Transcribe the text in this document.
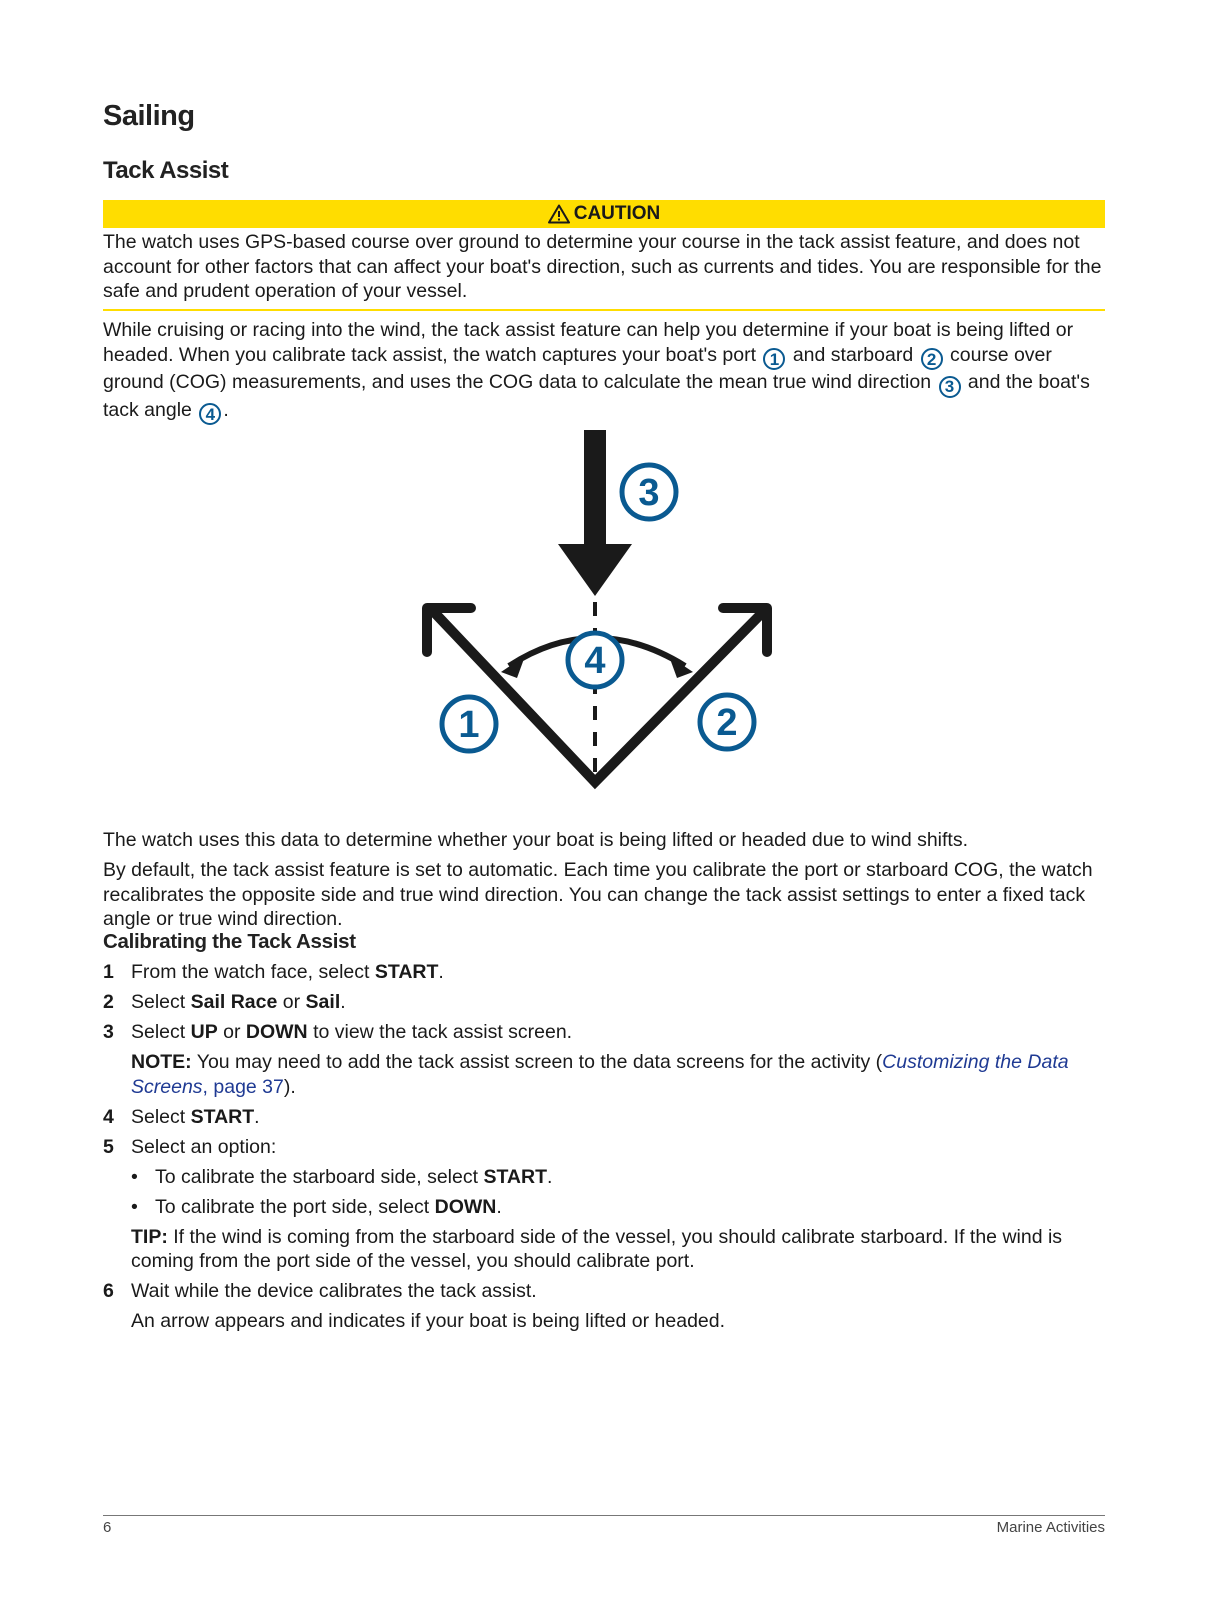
Sailing
Tack Assist
CAUTION
The watch uses GPS-based course over ground to determine your course in the tack assist feature, and does not account for other factors that can affect your boat's direction, such as currents and tides. You are responsible for the safe and prudent operation of your vessel.

While cruising or racing into the wind, the tack assist feature can help you determine if your boat is being lifted or headed. When you calibrate tack assist, the watch captures your boat's port 1 and starboard 2 course over ground (COG) measurements, and uses the COG data to calculate the mean true wind direction 3 and the boat's tack angle 4 .

3
4
1	2

The watch uses this data to determine whether your boat is being lifted or headed due to wind shifts.

By default, the tack assist feature is set to automatic. Each time you calibrate the port or starboard COG, the watch recalibrates the opposite side and true wind direction. You can change the tack assist settings to enter a fixed tack angle or true wind direction.

Calibrating the Tack Assist
1 From the watch face, select START.
2 Select Sail Race or Sail.
3 Select UP or DOWN to view the tack assist screen.
NOTE: You may need to add the tack assist screen to the data screens for the activity (Customizing the Data Screens, page 37).
4 Select START.
5 Select an option:
• To calibrate the starboard side, select START.
• To calibrate the port side, select DOWN.
TIP: If the wind is coming from the starboard side of the vessel, you should calibrate starboard. If the wind is coming from the port side of the vessel, you should calibrate port.
6 Wait while the device calibrates the tack assist.
An arrow appears and indicates if your boat is being lifted or headed.
6	Marine Activities
